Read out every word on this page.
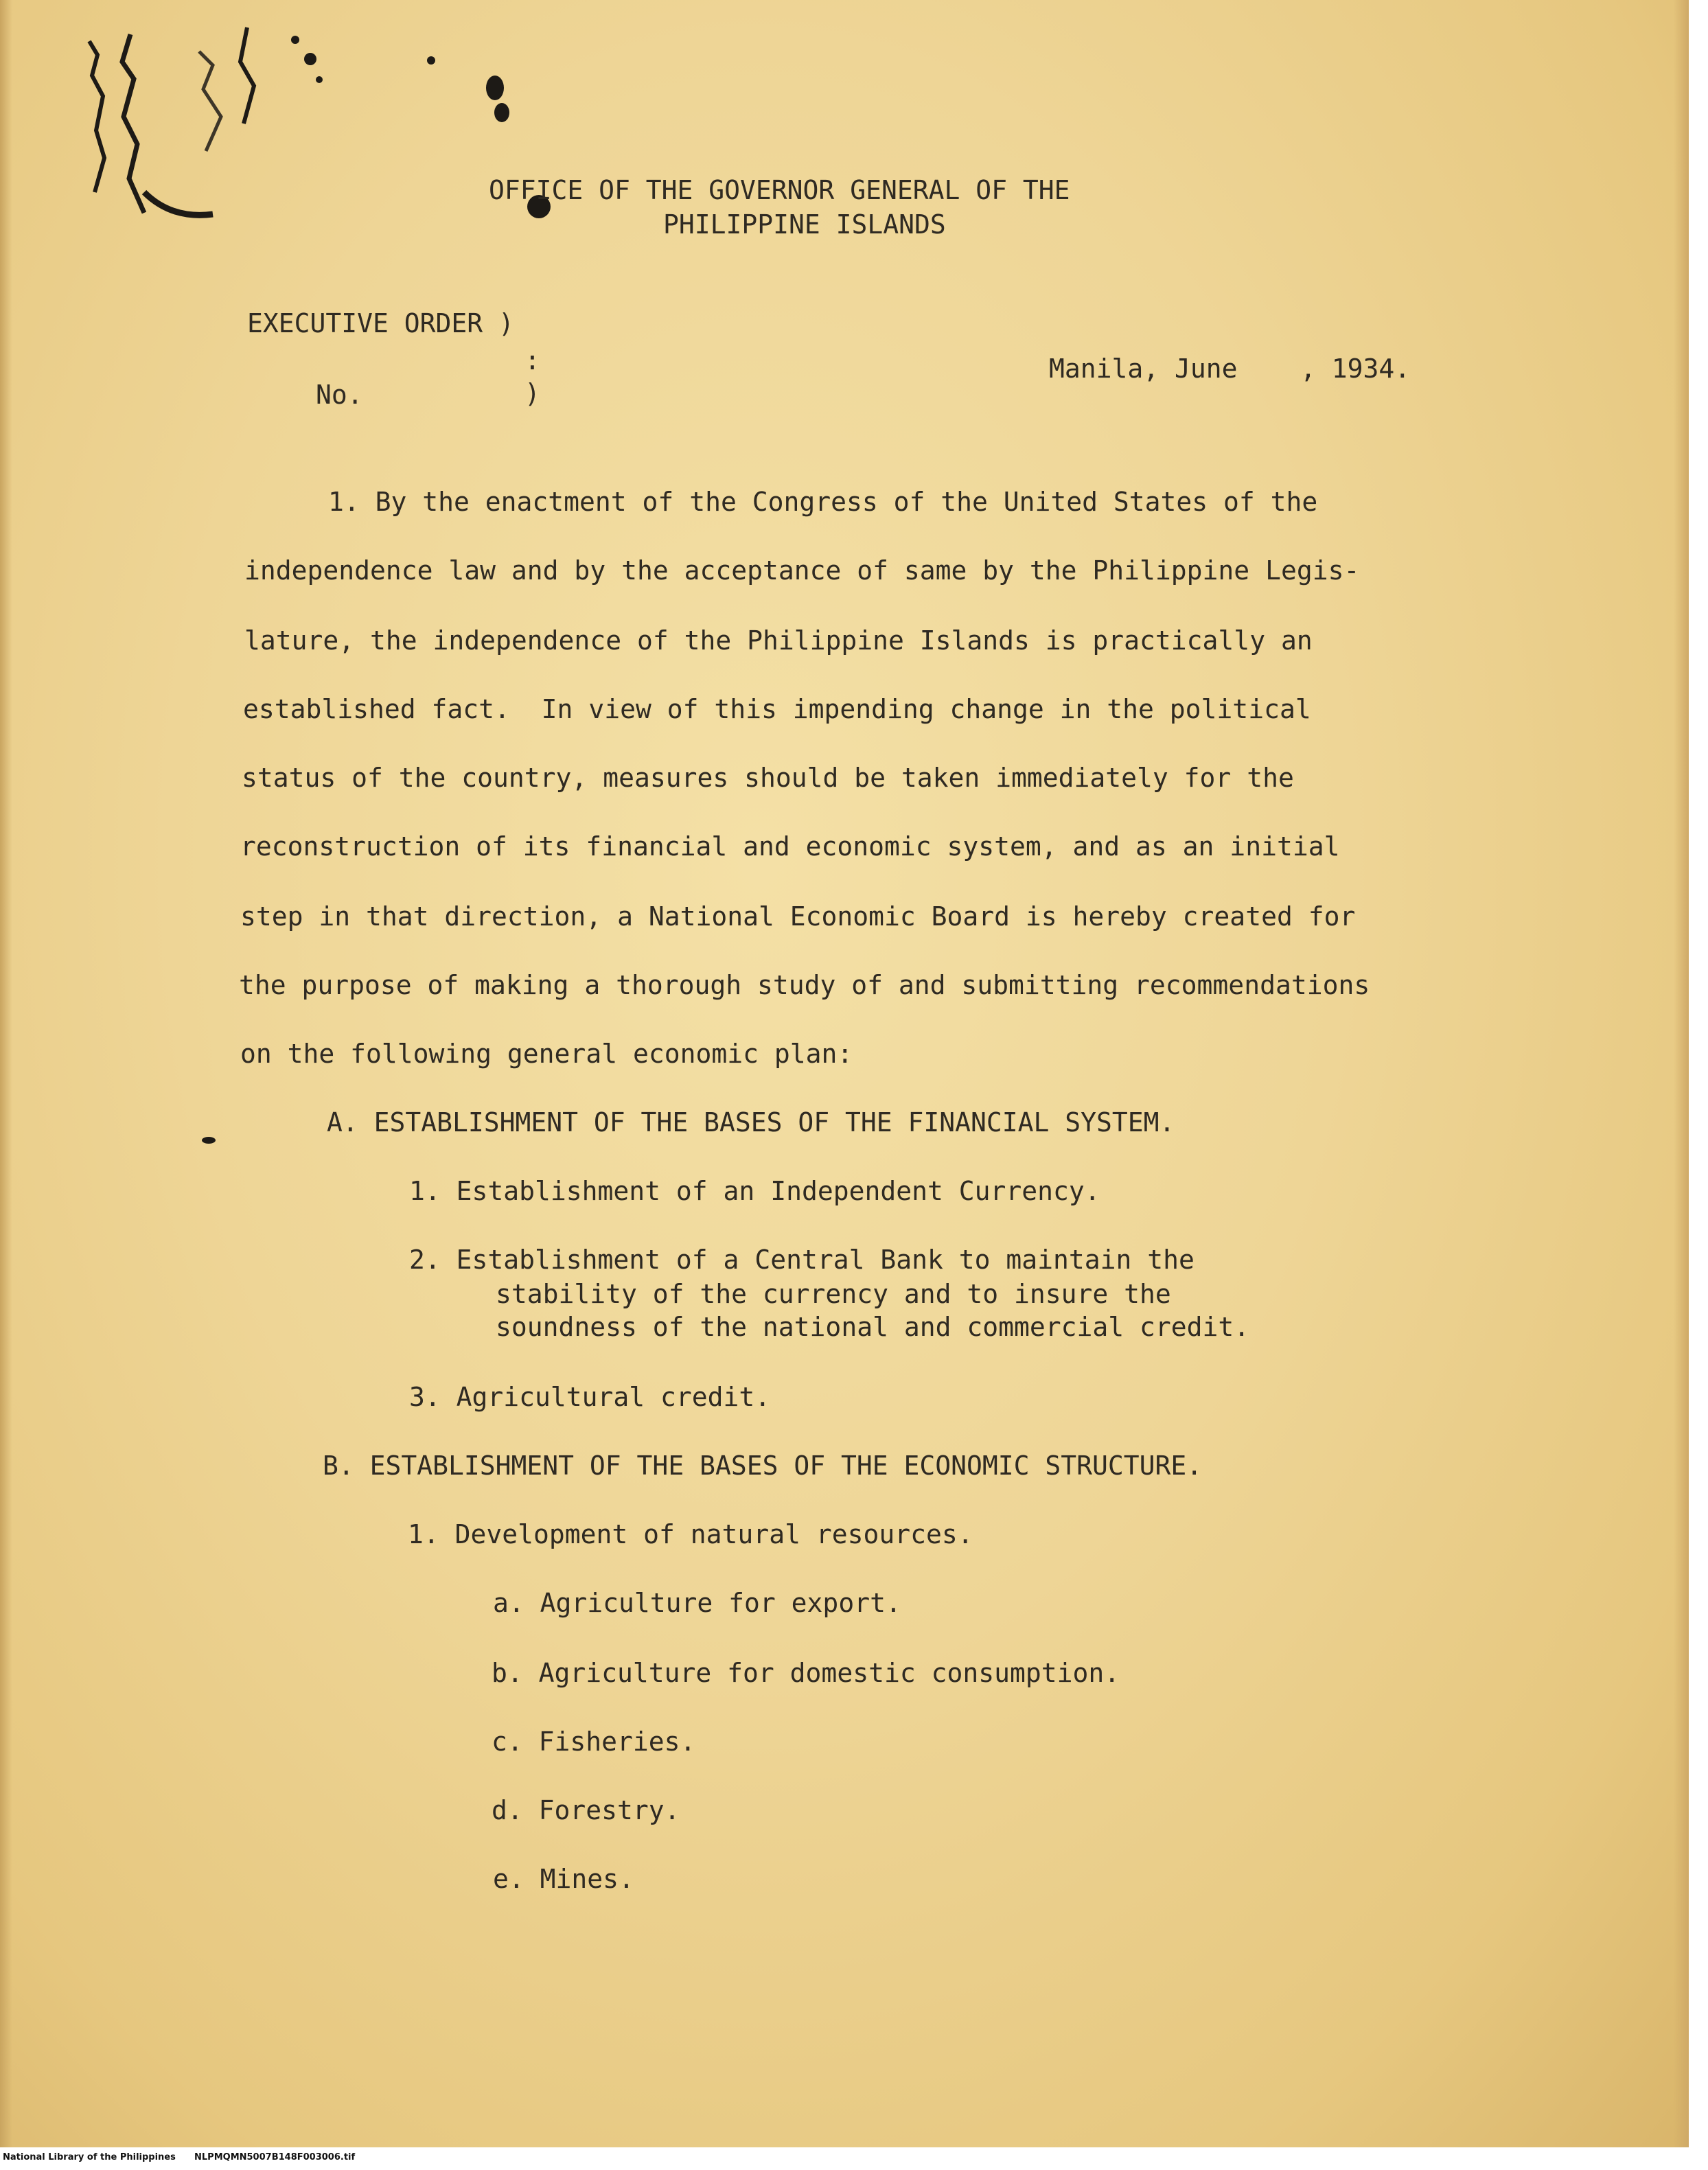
OFFICE OF THE GOVERNOR GENERAL OF THE
PHILIPPINE ISLANDS
EXECUTIVE ORDER )
:
No.	)
Manila, June    , 1934.
1. By the enactment of the Congress of the United States of the
independence law and by the acceptance of same by the Philippine Legis-
lature, the independence of the Philippine Islands is practically an
established fact.  In view of this impending change in the political
status of the country, measures should be taken immediately for the
reconstruction of its financial and economic system, and as an initial
step in that direction, a National Economic Board is hereby created for
the purpose of making a thorough study of and submitting recommendations
on the following general economic plan:
A. ESTABLISHMENT OF THE BASES OF THE FINANCIAL SYSTEM.
1. Establishment of an Independent Currency.
2. Establishment of a Central Bank to maintain the
stability of the currency and to insure the
soundness of the national and commercial credit.
3. Agricultural credit.
B. ESTABLISHMENT OF THE BASES OF THE ECONOMIC STRUCTURE.
1. Development of natural resources.
a. Agriculture for export.
b. Agriculture for domestic consumption.
c. Fisheries.
d. Forestry.
e. Mines.
National Library of the Philippines NLPMQMN5007B148F003006.tif
